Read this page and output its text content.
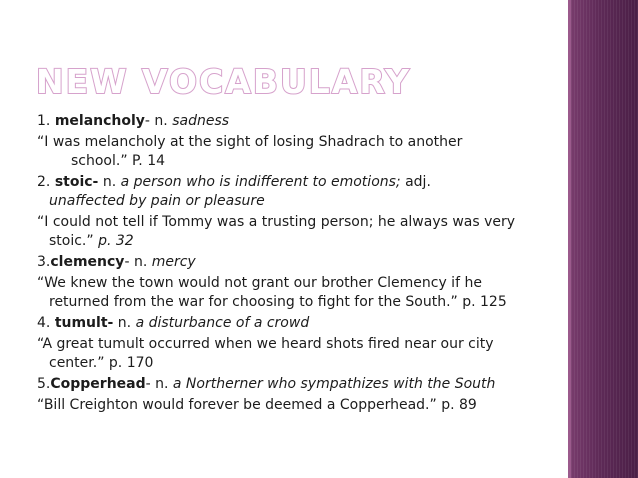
NEW VOCABULARY
1. melancholy- n. sadness
“I was melancholy at the sight of losing Shadrach to another
school.” P. 14
2. stoic- n. a person who is indifferent to emotions; adj.
unaffected by pain or pleasure
“I could not tell if Tommy was a trusting person; he always was very
stoic.” p. 32
3.clemency- n. mercy
“We knew the town would not grant our brother Clemency if he
returned from the war for choosing to fight for the South.” p. 125
4. tumult- n. a disturbance of a crowd
“A great tumult occurred when we heard shots fired near our city
center.” p. 170
5.Copperhead- n. a Northerner who sympathizes with the South
“Bill Creighton would forever be deemed a Copperhead.” p. 89
